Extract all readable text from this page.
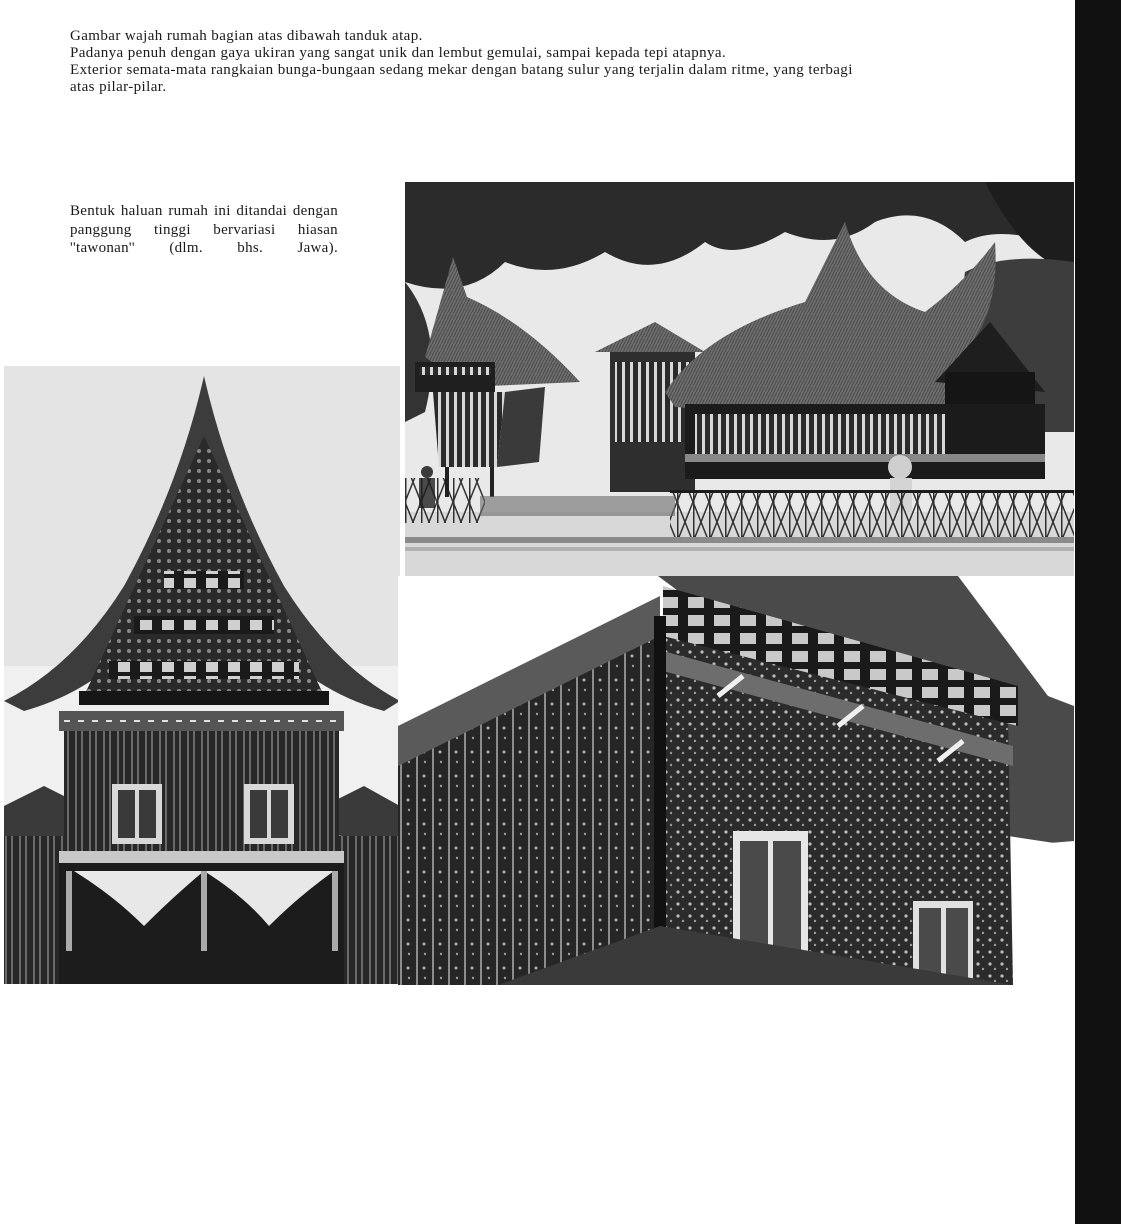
Gambar wajah rumah bagian atas dibawah tanduk atap.

Padanya penuh dengan gaya ukiran yang sangat unik dan lembut gemulai, sampai kepada tepi atapnya.

Exterior semata-mata rangkaian bunga-bungaan sedang mekar dengan batang sulur yang terjalin dalam ritme, yang terbagi atas pilar-pilar.

Bentuk haluan rumah ini ditandai dengan panggung tinggi bervariasi hiasan ''tawonan'' (dlm. bhs. Jawa).
